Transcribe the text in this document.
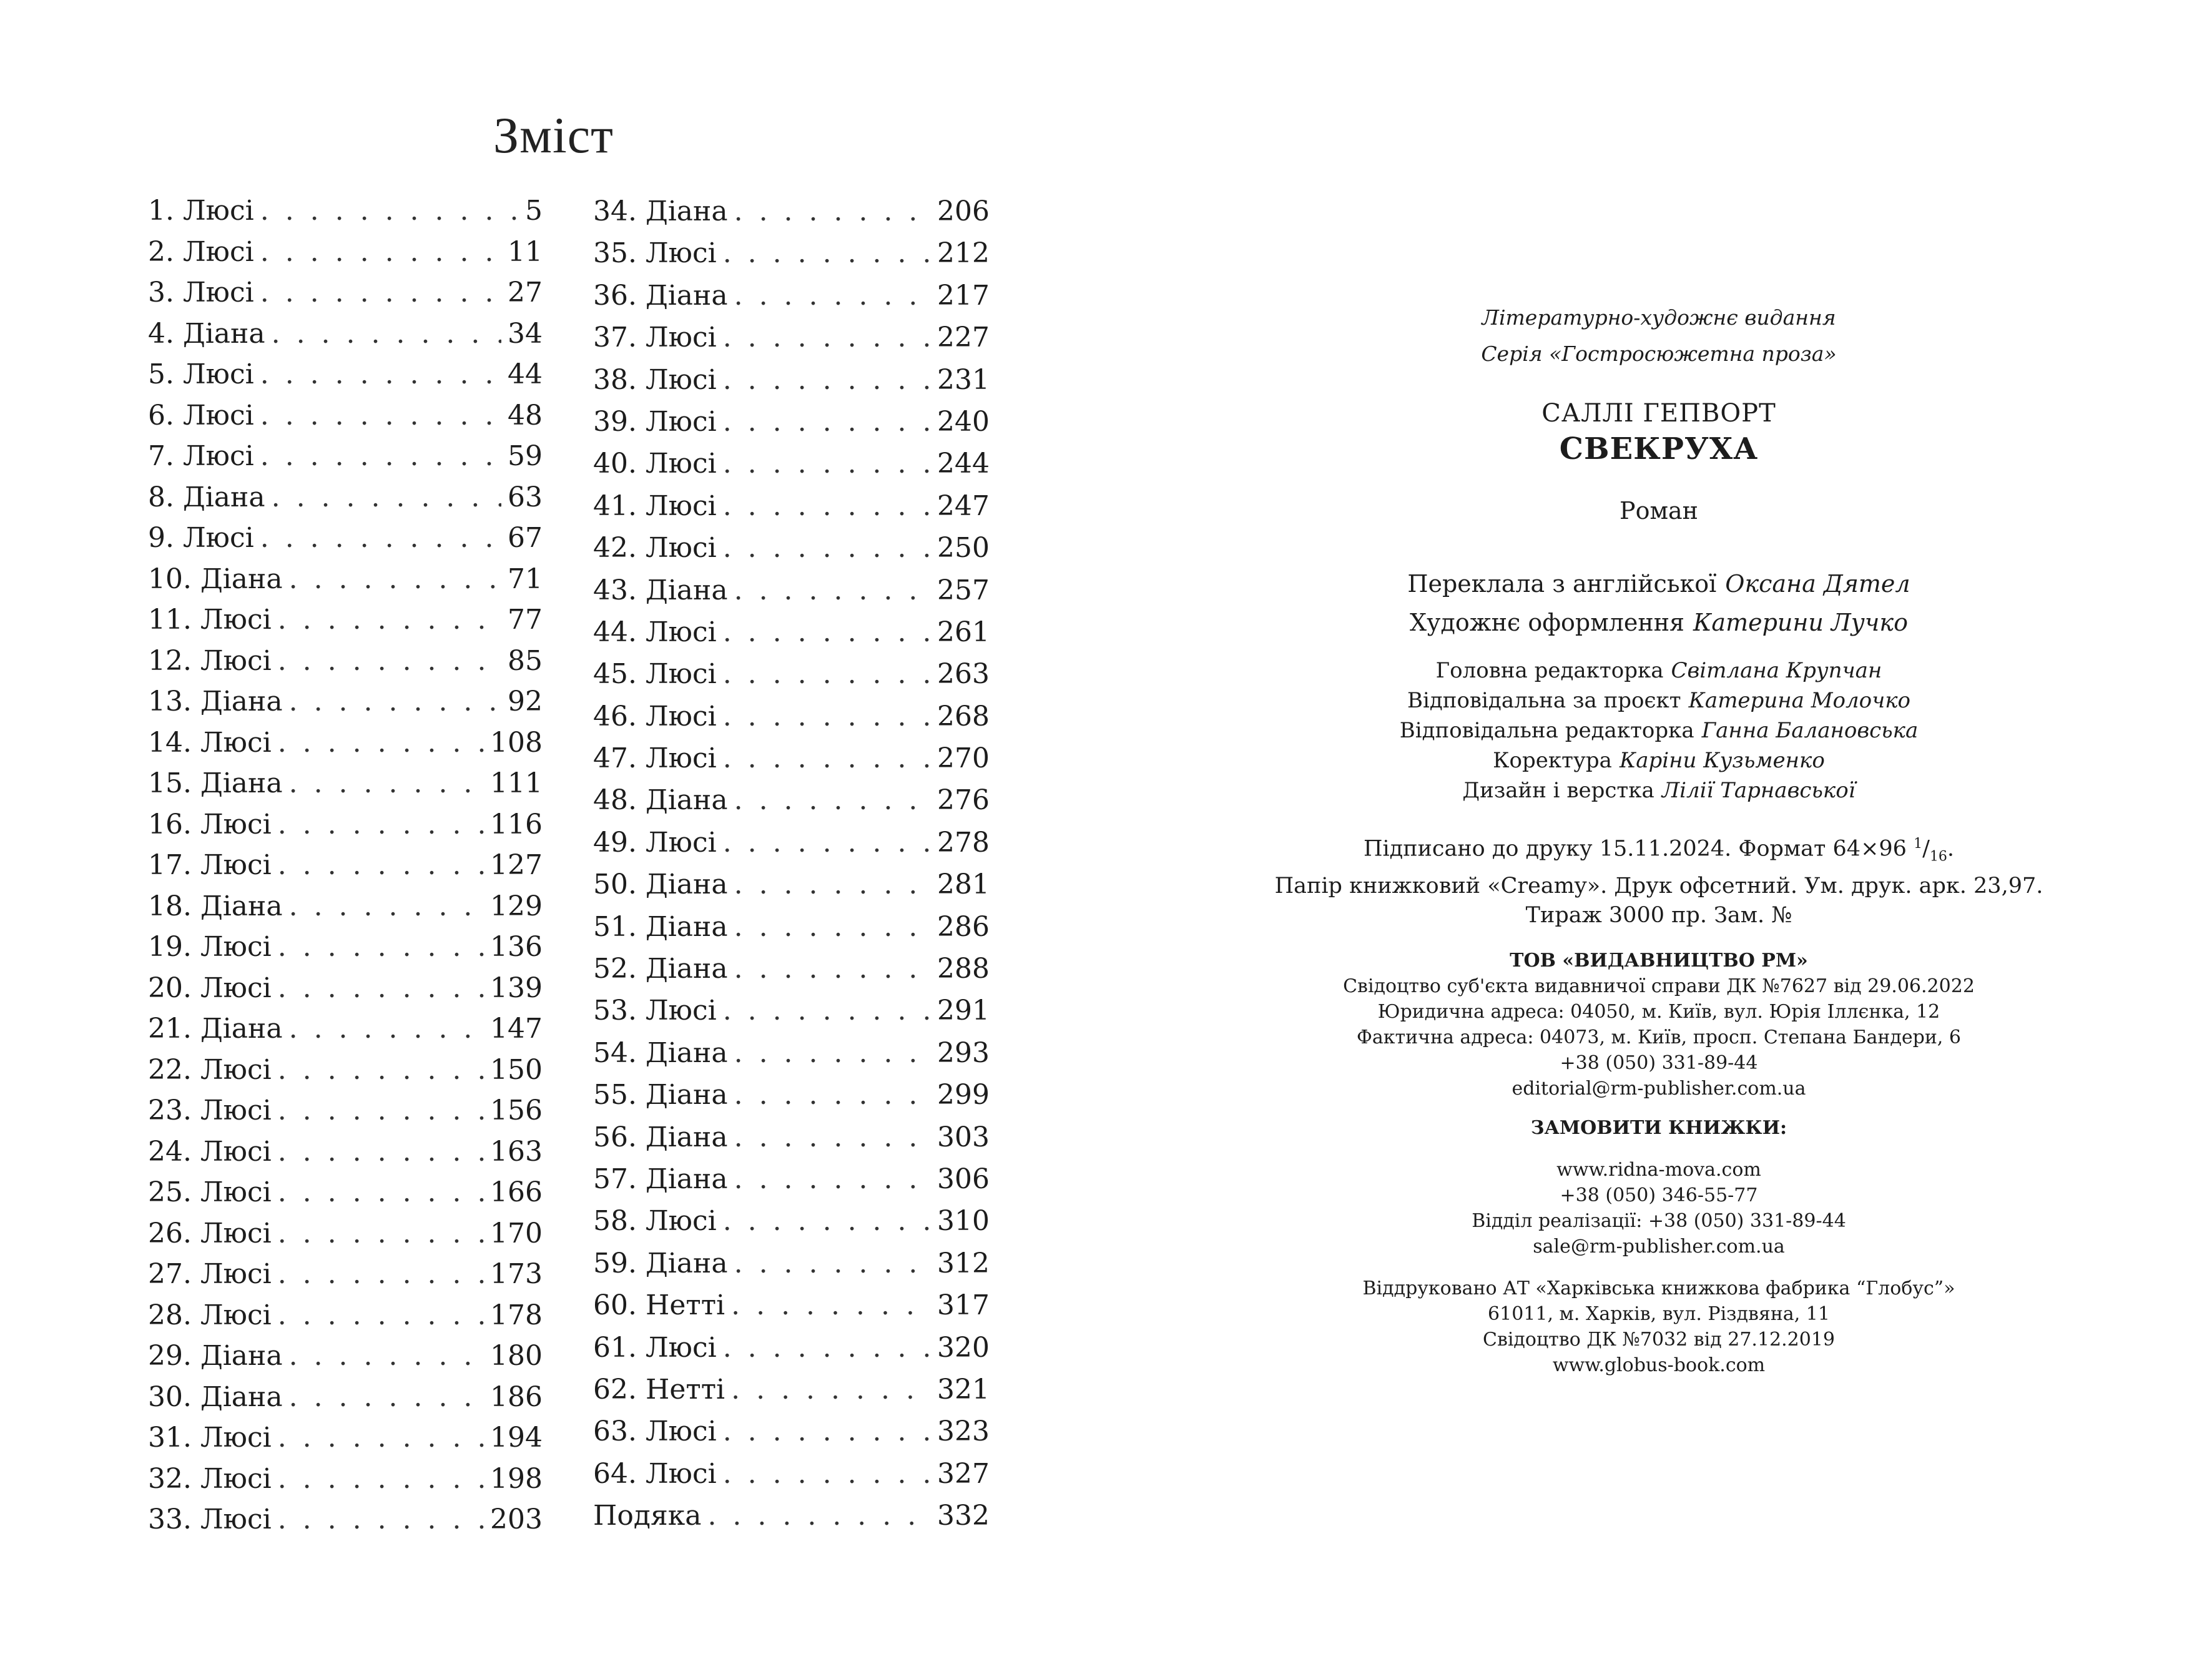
Зміст
1. Люсі . . .	5
2. Люсі . . .	11
3. Люсі . . .	27
4. Діана . . .	34
5. Люсі . . .	44
6. Люсі . . .	48
7. Люсі . . .	59
8. Діана . . .	63
9. Люсі . . .	67
10. Діана . . .	71
11. Люсі . . .	77
12. Люсі . . .	85
13. Діана . . .	92
14. Люсі . . .	108
15. Діана . . .	111
16. Люсі . . .	116
17. Люсі . . .	127
18. Діана . . .	129
19. Люсі . . .	136
20. Люсі . . .	139
21. Діана . . .	147
22. Люсі . . .	150
23. Люсі . . .	156
24. Люсі . . .	163
25. Люсі . . .	166
26. Люсі . . .	170
27. Люсі . . .	173
28. Люсі . . .	178
29. Діана . . .	180
30. Діана . . .	186
31. Люсі . . .	194
32. Люсі . . .	198
33. Люсі . . .	203
34. Діана . . .	206
35. Люсі . . .	212
36. Діана . . .	217
37. Люсі . . .	227
38. Люсі . . .	231
39. Люсі . . .	240
40. Люсі . . .	244
41. Люсі . . .	247
42. Люсі . . .	250
43. Діана . . .	257
44. Люсі . . .	261
45. Люсі . . .	263
46. Люсі . . .	268
47. Люсі . . .	270
48. Діана . . .	276
49. Люсі . . .	278
50. Діана . . .	281
51. Діана . . .	286
52. Діана . . .	288
53. Люсі . . .	291
54. Діана . . .	293
55. Діана . . .	299
56. Діана . . .	303
57. Діана . . .	306
58. Люсі . . .	310
59. Діана . . .	312
60. Нетті . . .	317
61. Люсі . . .	320
62. Нетті . . .	321
63. Люсі . . .	323
64. Люсі . . .	327
Подяка . . .	332
Літературно-художнє видання
Серія «Гостросюжетна проза»
САЛЛІ ГЕПВОРТ
СВЕКРУХА
Роман
Переклала з англійської Оксана Дятел
Художнє оформлення Катерини Лучко
Головна редакторка Світлана Крупчан
Відповідальна за проєкт Катерина Молочко
Відповідальна редакторка Ганна Балановська
Коректура Каріни Кузьменко
Дизайн і верстка Лілії Тарнавської
Підписано до друку 15.11.2024. Формат 64×96 $^1/_{16}$.
Папір книжковий «Creamy». Друк офсетний. Ум. друк. арк. 23,97.
Тираж 3000 пр. Зам. №
ТОВ «ВИДАВНИЦТВО РМ»
Свідоцтво суб'єкта видавничої справи ДК №7627 від 29.06.2022
Юридична адреса: 04050, м. Київ, вул. Юрія Іллєнка, 12
Фактична адреса: 04073, м. Київ, просп. Степана Бандери, 6
+38 (050) 331-89-44
editorial@rm-publisher.com.ua
ЗАМОВИТИ КНИЖКИ:
www.ridna-mova.com
+38 (050) 346-55-77
Відділ реалізації: +38 (050) 331-89-44
sale@rm-publisher.com.ua
Віддруковано АТ «Харківська книжкова фабрика “Глобус”»
61011, м. Харків, вул. Різдвяна, 11
Свідоцтво ДК №7032 від 27.12.2019
www.globus-book.com
